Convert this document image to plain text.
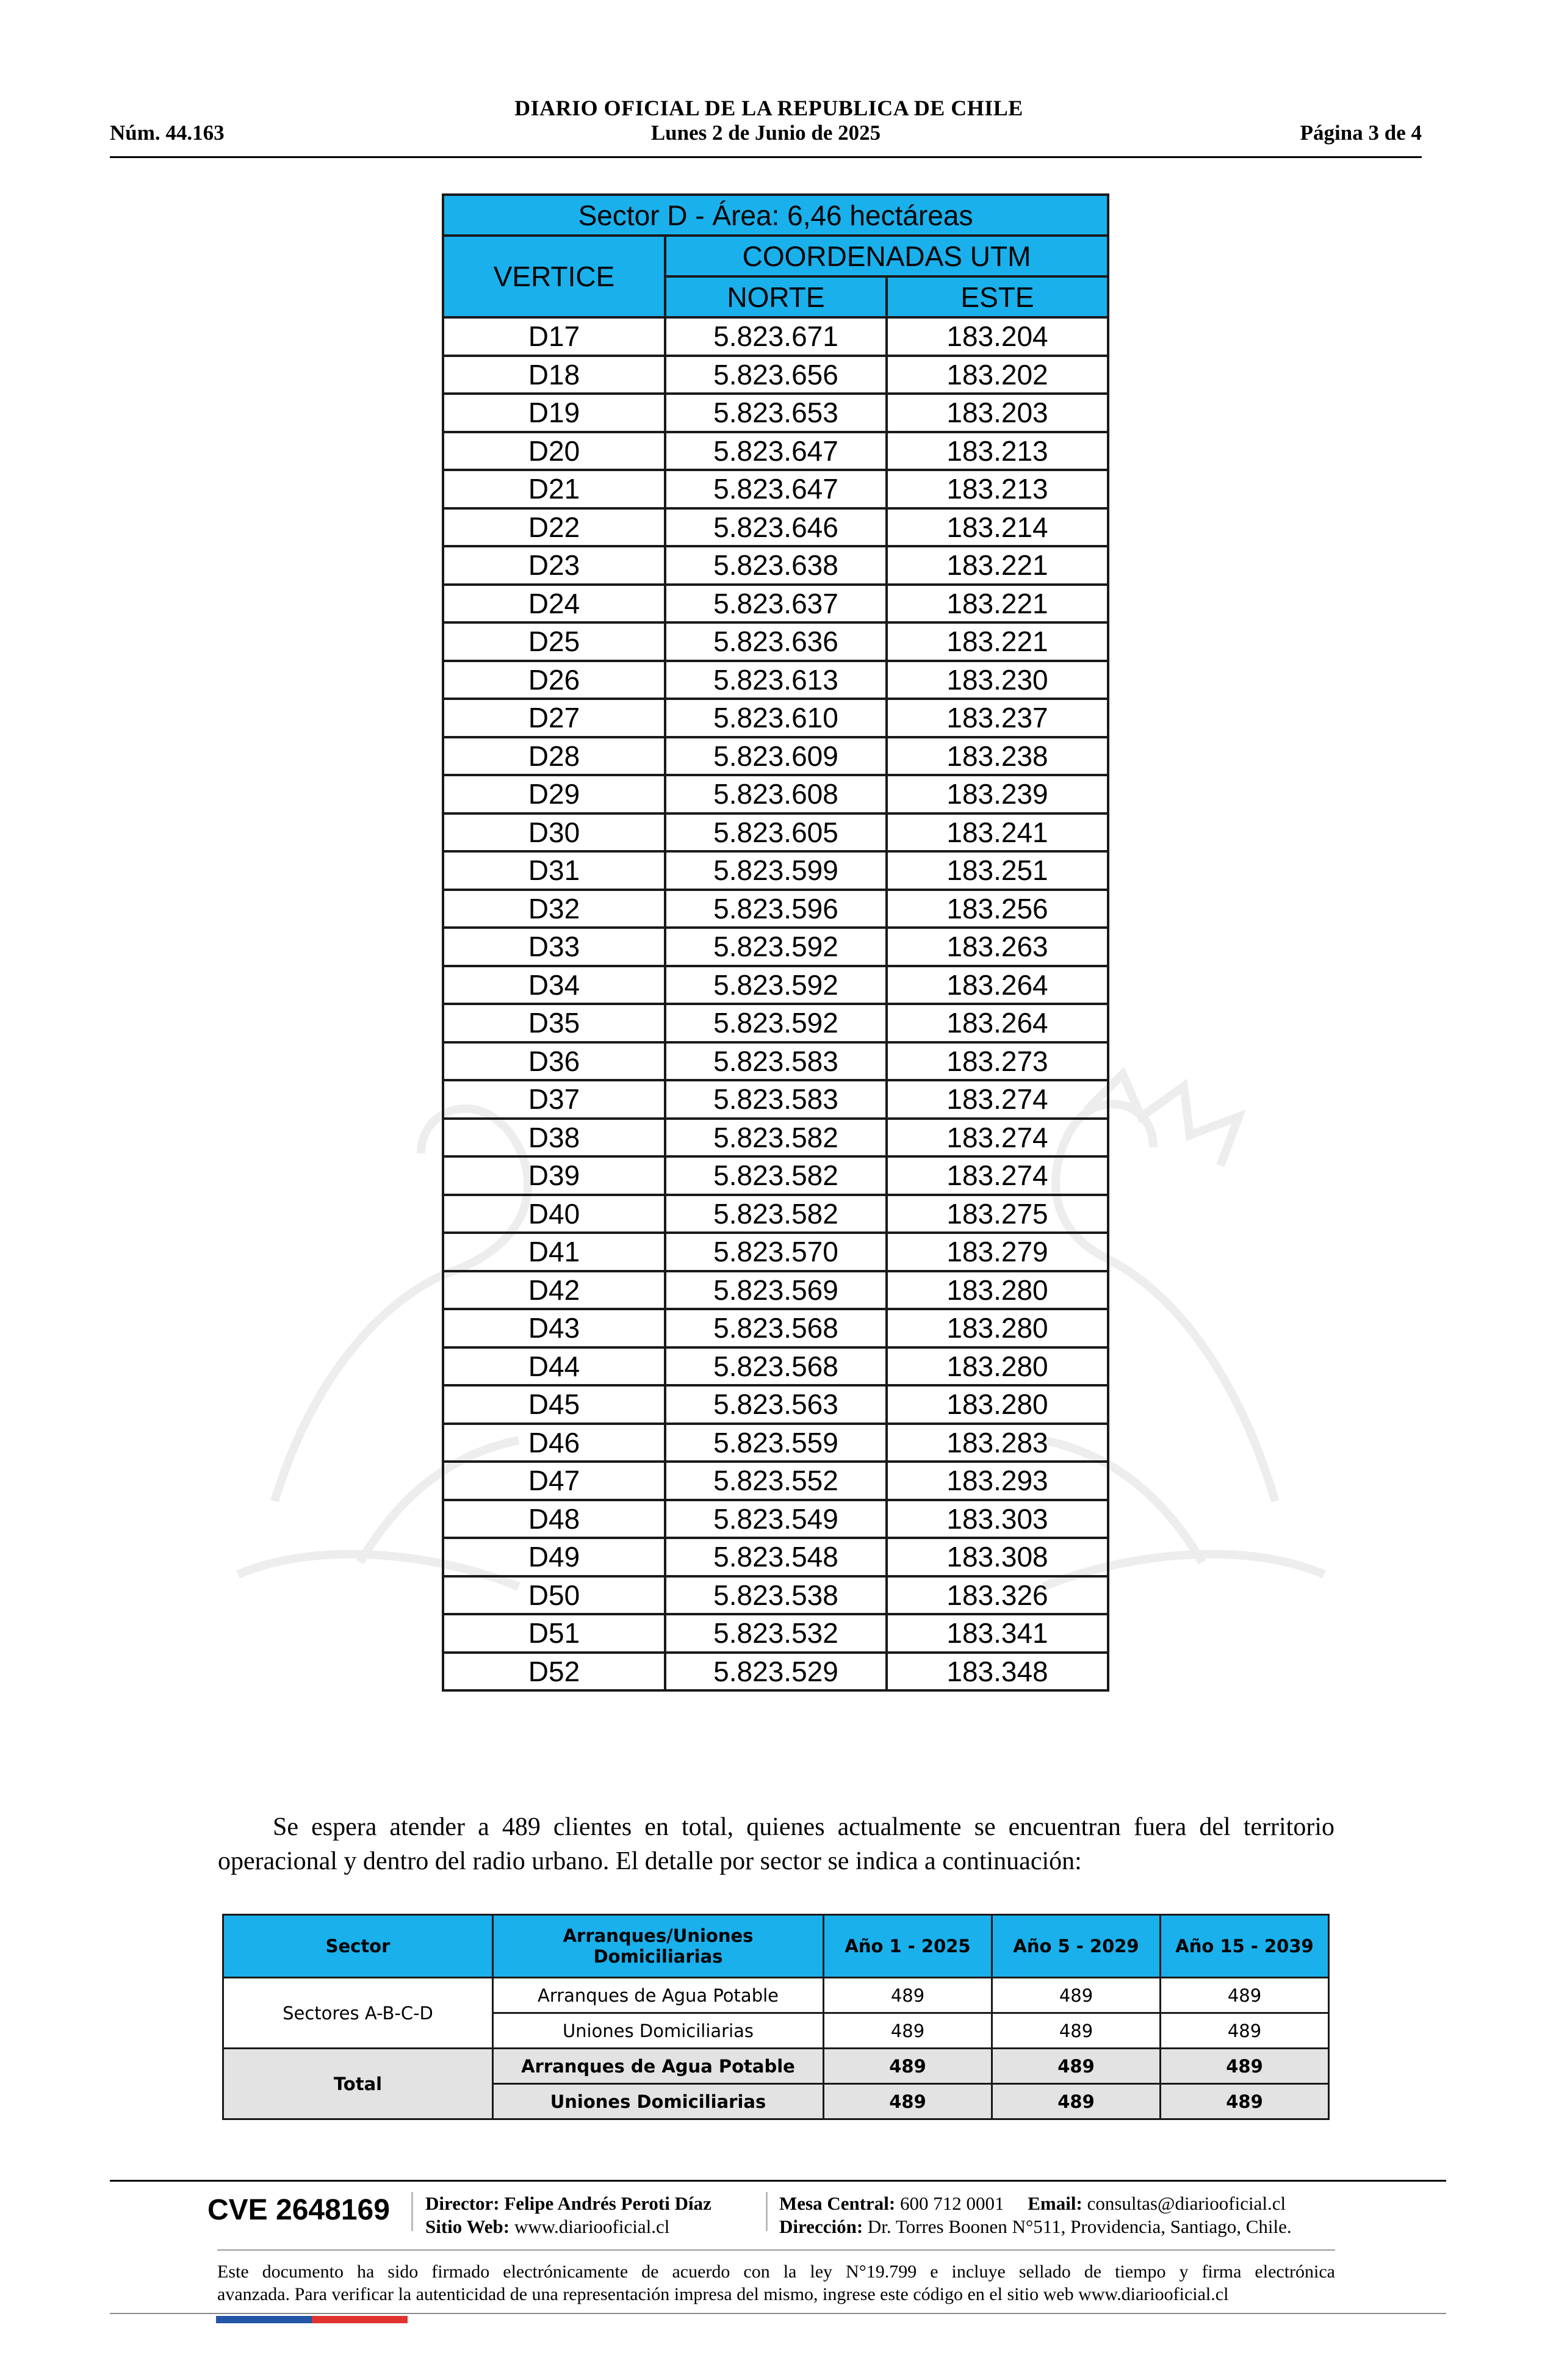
DIARIO OFICIAL DE LA REPUBLICA DE CHILE
Núm. 44.163	Lunes 2 de Junio de 2025	Página 3 de 4
Sector D - Área: 6,46 hectáreas		
VERTICE	COORDENADAS UTM	
	NORTE	ESTE
D17	5.823.671	183.204
D18	5.823.656	183.202
D19	5.823.653	183.203
D20	5.823.647	183.213
D21	5.823.647	183.213
D22	5.823.646	183.214
D23	5.823.638	183.221
D24	5.823.637	183.221
D25	5.823.636	183.221
D26	5.823.613	183.230
D27	5.823.610	183.237
D28	5.823.609	183.238
D29	5.823.608	183.239
D30	5.823.605	183.241
D31	5.823.599	183.251
D32	5.823.596	183.256
D33	5.823.592	183.263
D34	5.823.592	183.264
D35	5.823.592	183.264
D36	5.823.583	183.273
D37	5.823.583	183.274
D38	5.823.582	183.274
D39	5.823.582	183.274
D40	5.823.582	183.275
D41	5.823.570	183.279
D42	5.823.569	183.280
D43	5.823.568	183.280
D44	5.823.568	183.280
D45	5.823.563	183.280
D46	5.823.559	183.283
D47	5.823.552	183.293
D48	5.823.549	183.303
D49	5.823.548	183.308
D50	5.823.538	183.326
D51	5.823.532	183.341
D52	5.823.529	183.348

Se espera atender a 489 clientes en total, quienes actualmente se encuentran fuera del territorio operacional y dentro del radio urbano. El detalle por sector se indica a continuación:

Sector	Arranques/Uniones Domiciliarias	Año 1 - 2025	Año 5 - 2029	Año 15 - 2039
Sectores A-B-C-D	Arranques de Agua Potable	489	489	489
	Uniones Domiciliarias	489	489	489
Total	Arranques de Agua Potable	489	489	489
	Uniones Domiciliarias	489	489	489
CVE 2648169 Director: Felipe Andrés Peroti Díaz
Sitio Web: www.diariooficial.cl
Mesa Central: 600 712 0001 Email: consultas@diariooficial.cl
Dirección: Dr. Torres Boonen N°511, Providencia, Santiago, Chile.
Este documento ha sido firmado electrónicamente de acuerdo con la ley N°19.799 e incluye sellado de tiempo y firma electrónica
avanzada. Para verificar la autenticidad de una representación impresa del mismo, ingrese este código en el sitio web www.diariooficial.cl
